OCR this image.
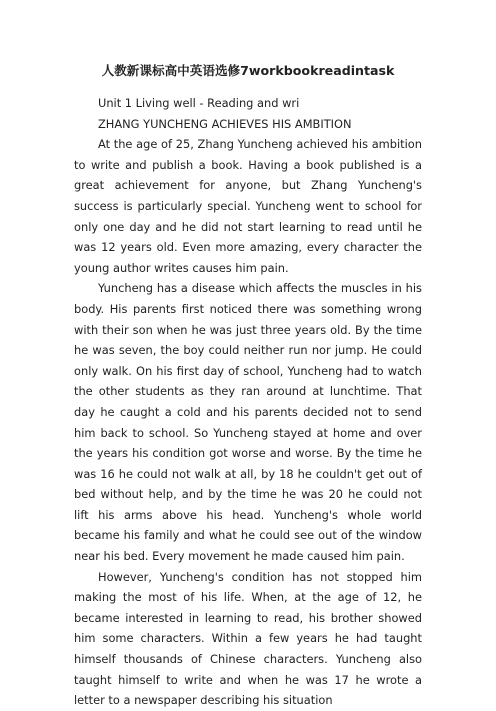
人教新课标高中英语选修7workbookreadintask

Unit 1 Living well - Reading and wri

ZHANG YUNCHENG ACHIEVES HIS AMBITION

At the age of 25, Zhang Yuncheng achieved his ambition to write and publish a book. Having a book published is a great achievement for anyone, but Zhang Yuncheng's success is particularly special. Yuncheng went to school for only one day and he did not start learning to read until he was 12 years old. Even more amazing, every character the young author writes causes him pain.

Yuncheng has a disease which affects the muscles in his body. His parents first noticed there was something wrong with their son when he was just three years old. By the time he was seven, the boy could neither run nor jump. He could only walk. On his first day of school, Yuncheng had to watch the other students as they ran around at lunchtime. That day he caught a cold and his parents decided not to send him back to school. So Yuncheng stayed at home and over the years his condition got worse and worse. By the time he was 16 he could not walk at all, by 18 he couldn't get out of bed without help, and by the time he was 20 he could not lift his arms above his head. Yuncheng's whole world became his family and what he could see out of the window near his bed. Every movement he made caused him pain.

However, Yuncheng's condition has not stopped him making the most of his life. When, at the age of 12, he became interested in learning to read, his brother showed him some characters. Within a few years he had taught himself thousands of Chinese characters. Yuncheng also taught himself to write and when he was 17 he wrote a letter to a newspaper describing his situation
